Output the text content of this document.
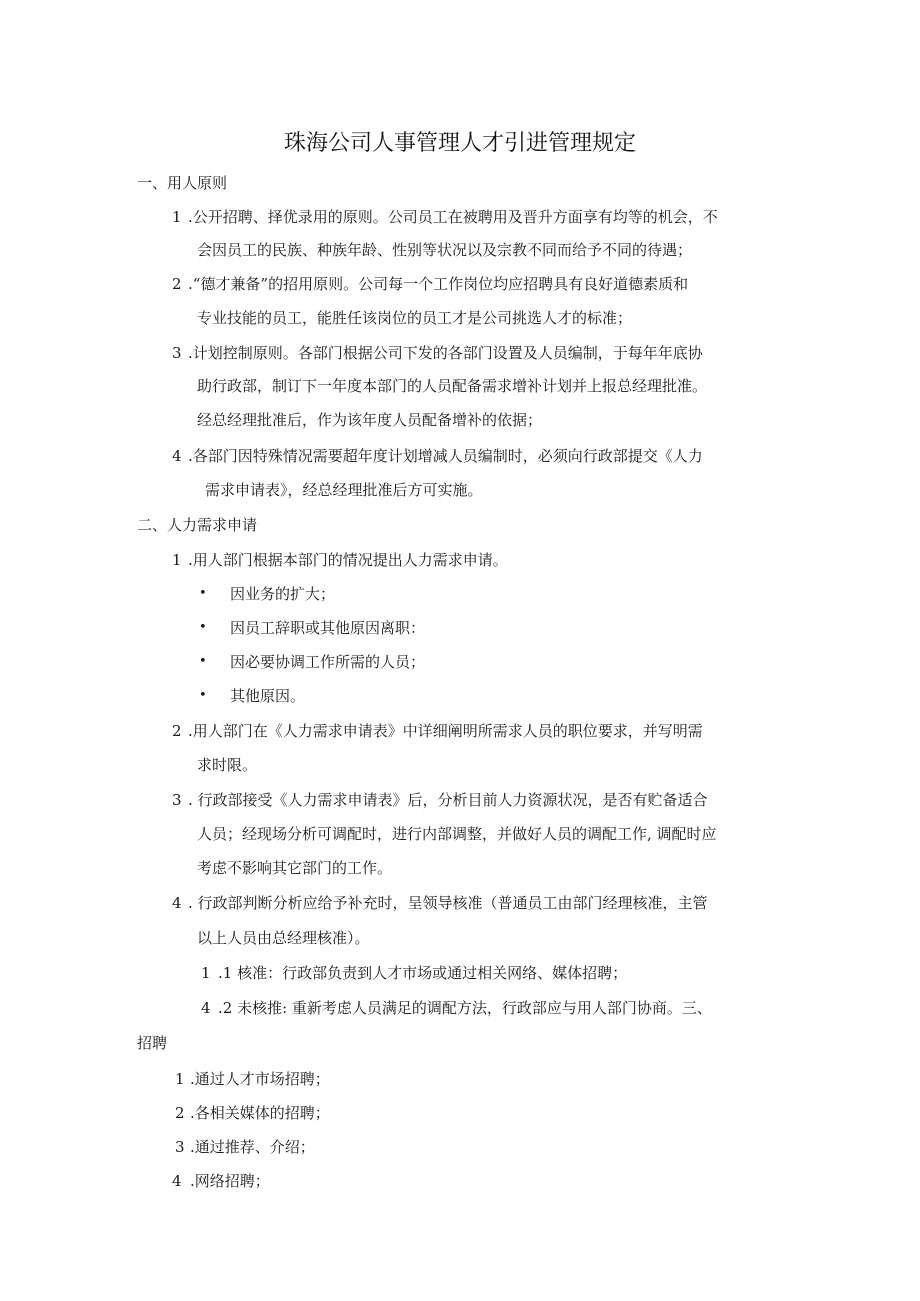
珠海公司人事管理人才引进管理规定
一、用人原则
1 .公开招聘、择优录用的原则。公司员工在被聘用及晋升方面享有均等的机会，不
会因员工的民族、种族年龄、性别等状况以及宗教不同而给予不同的待遇；
2 .“德才兼备”的招用原则。公司每一个工作岗位均应招聘具有良好道德素质和
专业技能的员工，能胜任该岗位的员工才是公司挑选人才的标准；
3 .计划控制原则。各部门根据公司下发的各部门设置及人员编制，于每年年底协
助行政部，制订下一年度本部门的人员配备需求增补计划并上报总经理批准。
经总经理批准后，作为该年度人员配备增补的依据；
4 .各部门因特殊情况需要超年度计划增减人员编制时，必须向行政部提交《人力
需求申请表》，经总经理批准后方可实施。
二、人力需求申请
1 .用人部门根据本部门的情况提出人力需求申请。
• 因业务的扩大；
• 因员工辞职或其他原因离职：
• 因必要协调工作所需的人员；
• 其他原因。
2 .用人部门在《人力需求申请表》中详细阐明所需求人员的职位要求，并写明需
求时限。
3 . 行政部接受《人力需求申请表》后，分析目前人力资源状况，是否有贮备适合
人员；经现场分析可调配时，进行内部调整，并做好人员的调配工作, 调配时应
考虑不影响其它部门的工作。
4 . 行政部判断分析应给予补充时，呈领导核准（普通员工由部门经理核准，主管
以上人员由总经理核准）。
1 .1 核准：行政部负责到人才市场或通过相关网络、媒体招聘；
4 .2 未核推: 重新考虑人员满足的调配方法，行政部应与用人部门协商。三、
招聘
1 .通过人才市场招聘；
2 .各相关媒体的招聘；
3 .通过推荐、介绍；
4 .网络招聘；
